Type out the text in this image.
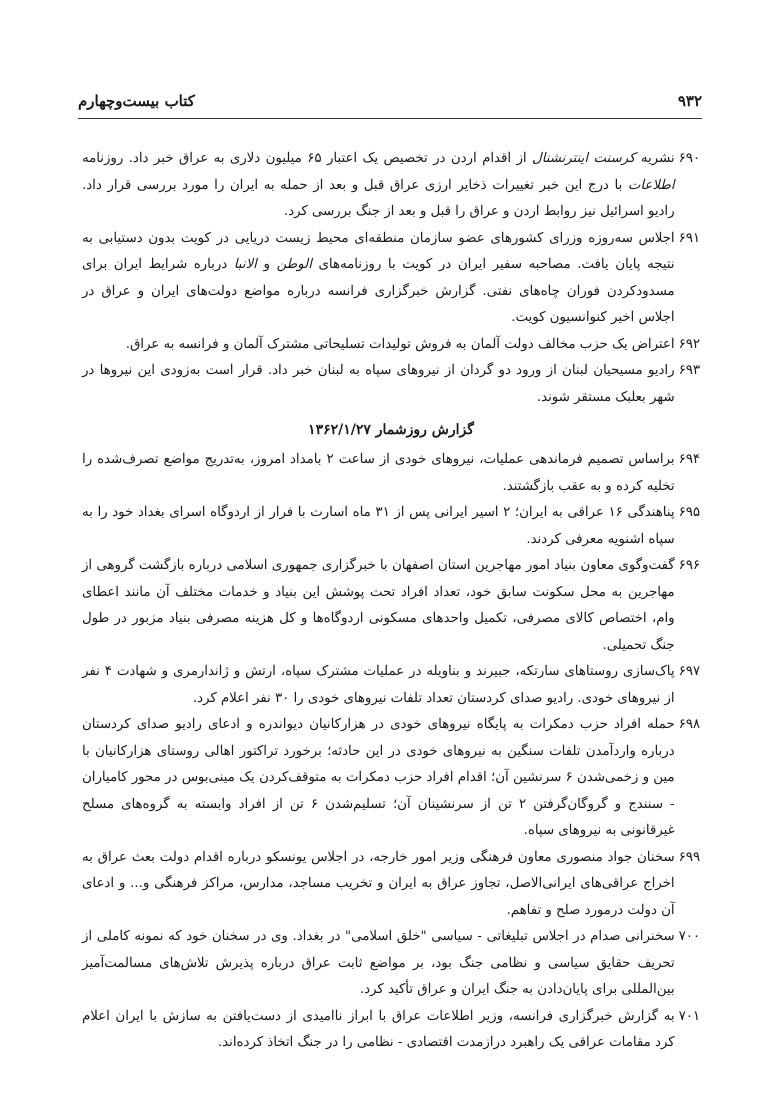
۹۳۲
کتاب بیست‌وچهارم
۶۹۰
نشریه کرسنت اینترنشنال از اقدام اردن در تخصیص یک اعتبار ۶۵ میلیون دلاری به عراق خبر داد. روزنامه اطلاعات با درج این خبر تغییرات ذخایر ارزی عراق قبل و بعد از حمله به ایران را مورد بررسی قرار داد. رادیو اسرائیل نیز روابط اردن و عراق را قبل و بعد از جنگ بررسی کرد.
۶۹۱
اجلاس سه‌روزه وزرای کشورهای عضو سازمان منطقه‌ای محیط زیست دریایی در کویت بدون دستیابی به نتیجه پایان یافت. مصاحبه سفیر ایران در کویت با روزنامه‌های الوطن و الانبا درباره شرایط ایران برای مسدودکردن فوران چاه‌های نفتی. گزارش خبرگزاری فرانسه درباره مواضع دولت‌های ایران و عراق در اجلاس اخیر کنوانسیون کویت.
۶۹۲
اعتراض یک حزب مخالف دولت آلمان به فروش تولیدات تسلیحاتی مشترک آلمان و فرانسه به عراق.
۶۹۳
رادیو مسیحیان لبنان از ورود دو گردان از نیروهای سپاه به لبنان خبر داد. قرار است به‌زودی این نیروها در شهر بعلبک مستقر شوند.
گزارش روزشمار ۱۳۶۲/۱/۲۷
۶۹۴
براساس تصمیم فرماندهی عملیات، نیروهای خودی از ساعت ۲ بامداد امروز، به‌تدریج مواضع تصرف‌شده را تخلیه کرده و به عقب بازگشتند.
۶۹۵
پناهندگی ۱۶ عراقی به ایران؛ ۲ اسیر ایرانی پس از ۳۱ ماه اسارت با فرار از اردوگاه اسرای بغداد خود را به سپاه اشنویه معرفی کردند.
۶۹۶
گفت‌وگوی معاون بنیاد امور مهاجرین استان اصفهان با خبرگزاری جمهوری اسلامی درباره بازگشت گروهی از مهاجرین به محل سکونت سابق خود، تعداد افراد تحت پوشش این بنیاد و خدمات مختلف آن مانند اعطای وام، اختصاص کالای مصرفی، تکمیل واحدهای مسکونی اردوگاه‌ها و کل هزینه مصرفی بنیاد مزبور در طول جنگ تحمیلی.
۶۹۷
پاک‌سازی روستاهای سارتکه، جبیرند و بناویله در عملیات مشترک سپاه، ارتش و ژاندارمری و شهادت ۴ نفر از نیروهای خودی. رادیو صدای کردستان تعداد تلفات نیروهای خودی را ۳۰ نفر اعلام کرد.
۶۹۸
حمله افراد حزب دمکرات به پایگاه نیروهای خودی در هزارکانیان دیواندره و ادعای رادیو صدای کردستان درباره واردآمدن تلفات سنگین به نیروهای خودی در این حادثه؛ برخورد تراکتور اهالی روستای هزارکانیان با مین و زخمی‌شدن ۶ سرنشین آن؛ اقدام افراد حزب دمکرات به متوقف‌کردن یک مینی‌بوس در محور کامیاران - سنندج و گروگان‌گرفتن ۲ تن از سرنشینان آن؛ تسلیم‌شدن ۶ تن از افراد وابسته به گروه‌های مسلح غیرقانونی به نیروهای سپاه.
۶۹۹
سخنان جواد منصوری معاون فرهنگی وزیر امور خارجه، در اجلاس یونسکو درباره اقدام دولت بعث عراق به اخراج عراقی‌های ایرانی‌الاصل، تجاوز عراق به ایران و تخریب مساجد، مدارس، مراکز فرهنگی و... و ادعای آن دولت درمورد صلح و تفاهم.
۷۰۰
سخنرانی صدام در اجلاس تبلیغاتی - سیاسی "خلق اسلامی" در بغداد. وی در سخنان خود که نمونه کاملی از تحریف حقایق سیاسی و نظامی جنگ بود، بر مواضع ثابت عراق درباره پذیرش تلاش‌های مسالمت‌آمیز بین‌المللی برای پایان‌دادن به جنگ ایران و عراق تأکید کرد.
۷۰۱
به گزارش خبرگزاری فرانسه، وزیر اطلاعات عراق با ابراز ناامیدی از دست‌یافتن به سازش با ایران اعلام کرد مقامات عراقی یک راهبرد درازمدت اقتصادی - نظامی را در جنگ اتخاذ کرده‌اند.
